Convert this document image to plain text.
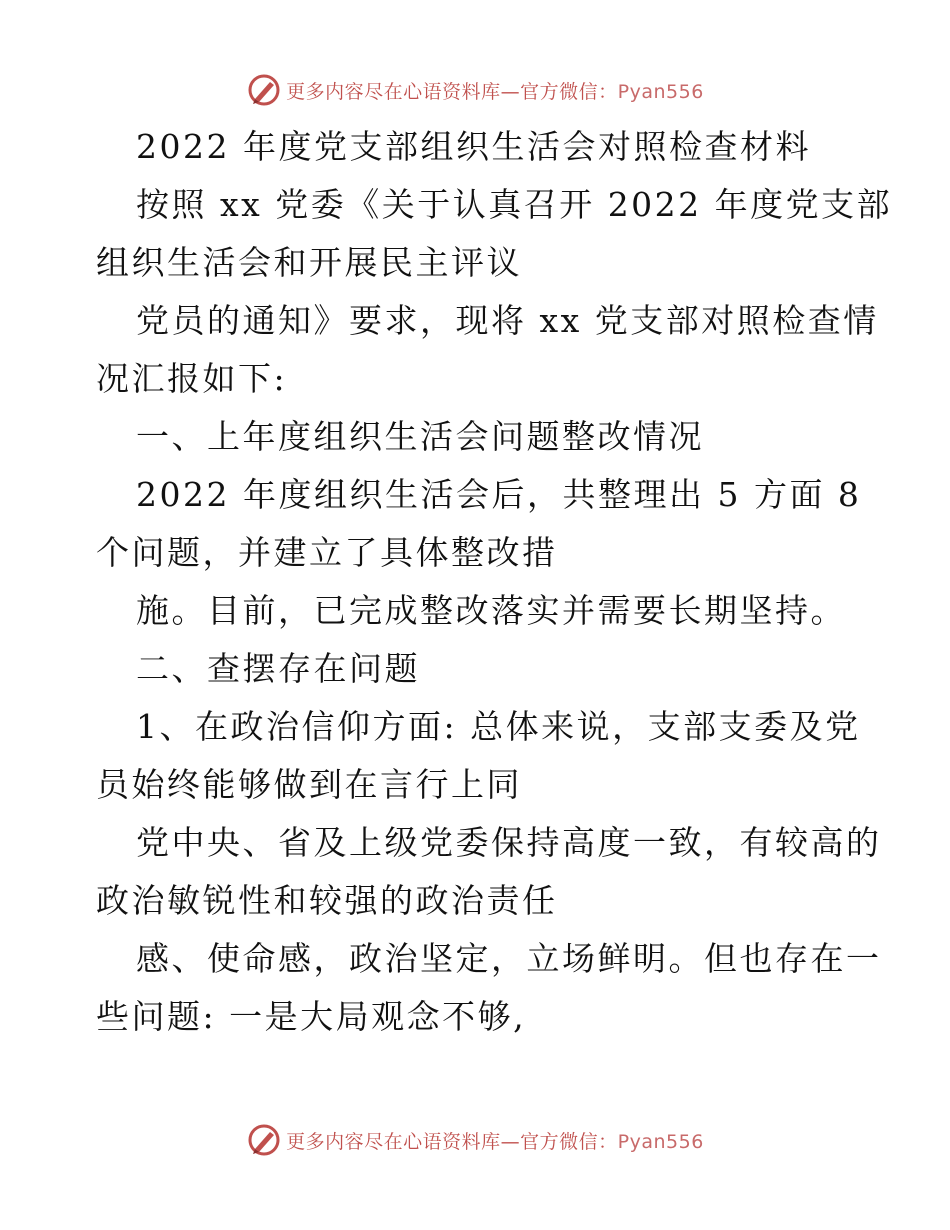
更多内容尽在心语资料库—官方微信：Pyan556
2022 年度党支部组织生活会对照检查材料
按照 xx 党委《关于认真召开 2022 年度党支部
组织生活会和开展民主评议
党员的通知》要求，现将 xx 党支部对照检查情
况汇报如下:
一、上年度组织生活会问题整改情况
2022 年度组织生活会后，共整理出 5 方面 8
个问题，并建立了具体整改措
施。目前，已完成整改落实并需要长期坚持。
二、查摆存在问题
1、在政治信仰方面: 总体来说，支部支委及党
员始终能够做到在言行上同
党中央、省及上级党委保持高度一致，有较高的
政治敏锐性和较强的政治责任
感、使命感，政治坚定，立场鲜明。但也存在一
些问题: 一是大局观念不够,
更多内容尽在心语资料库—官方微信：Pyan556
